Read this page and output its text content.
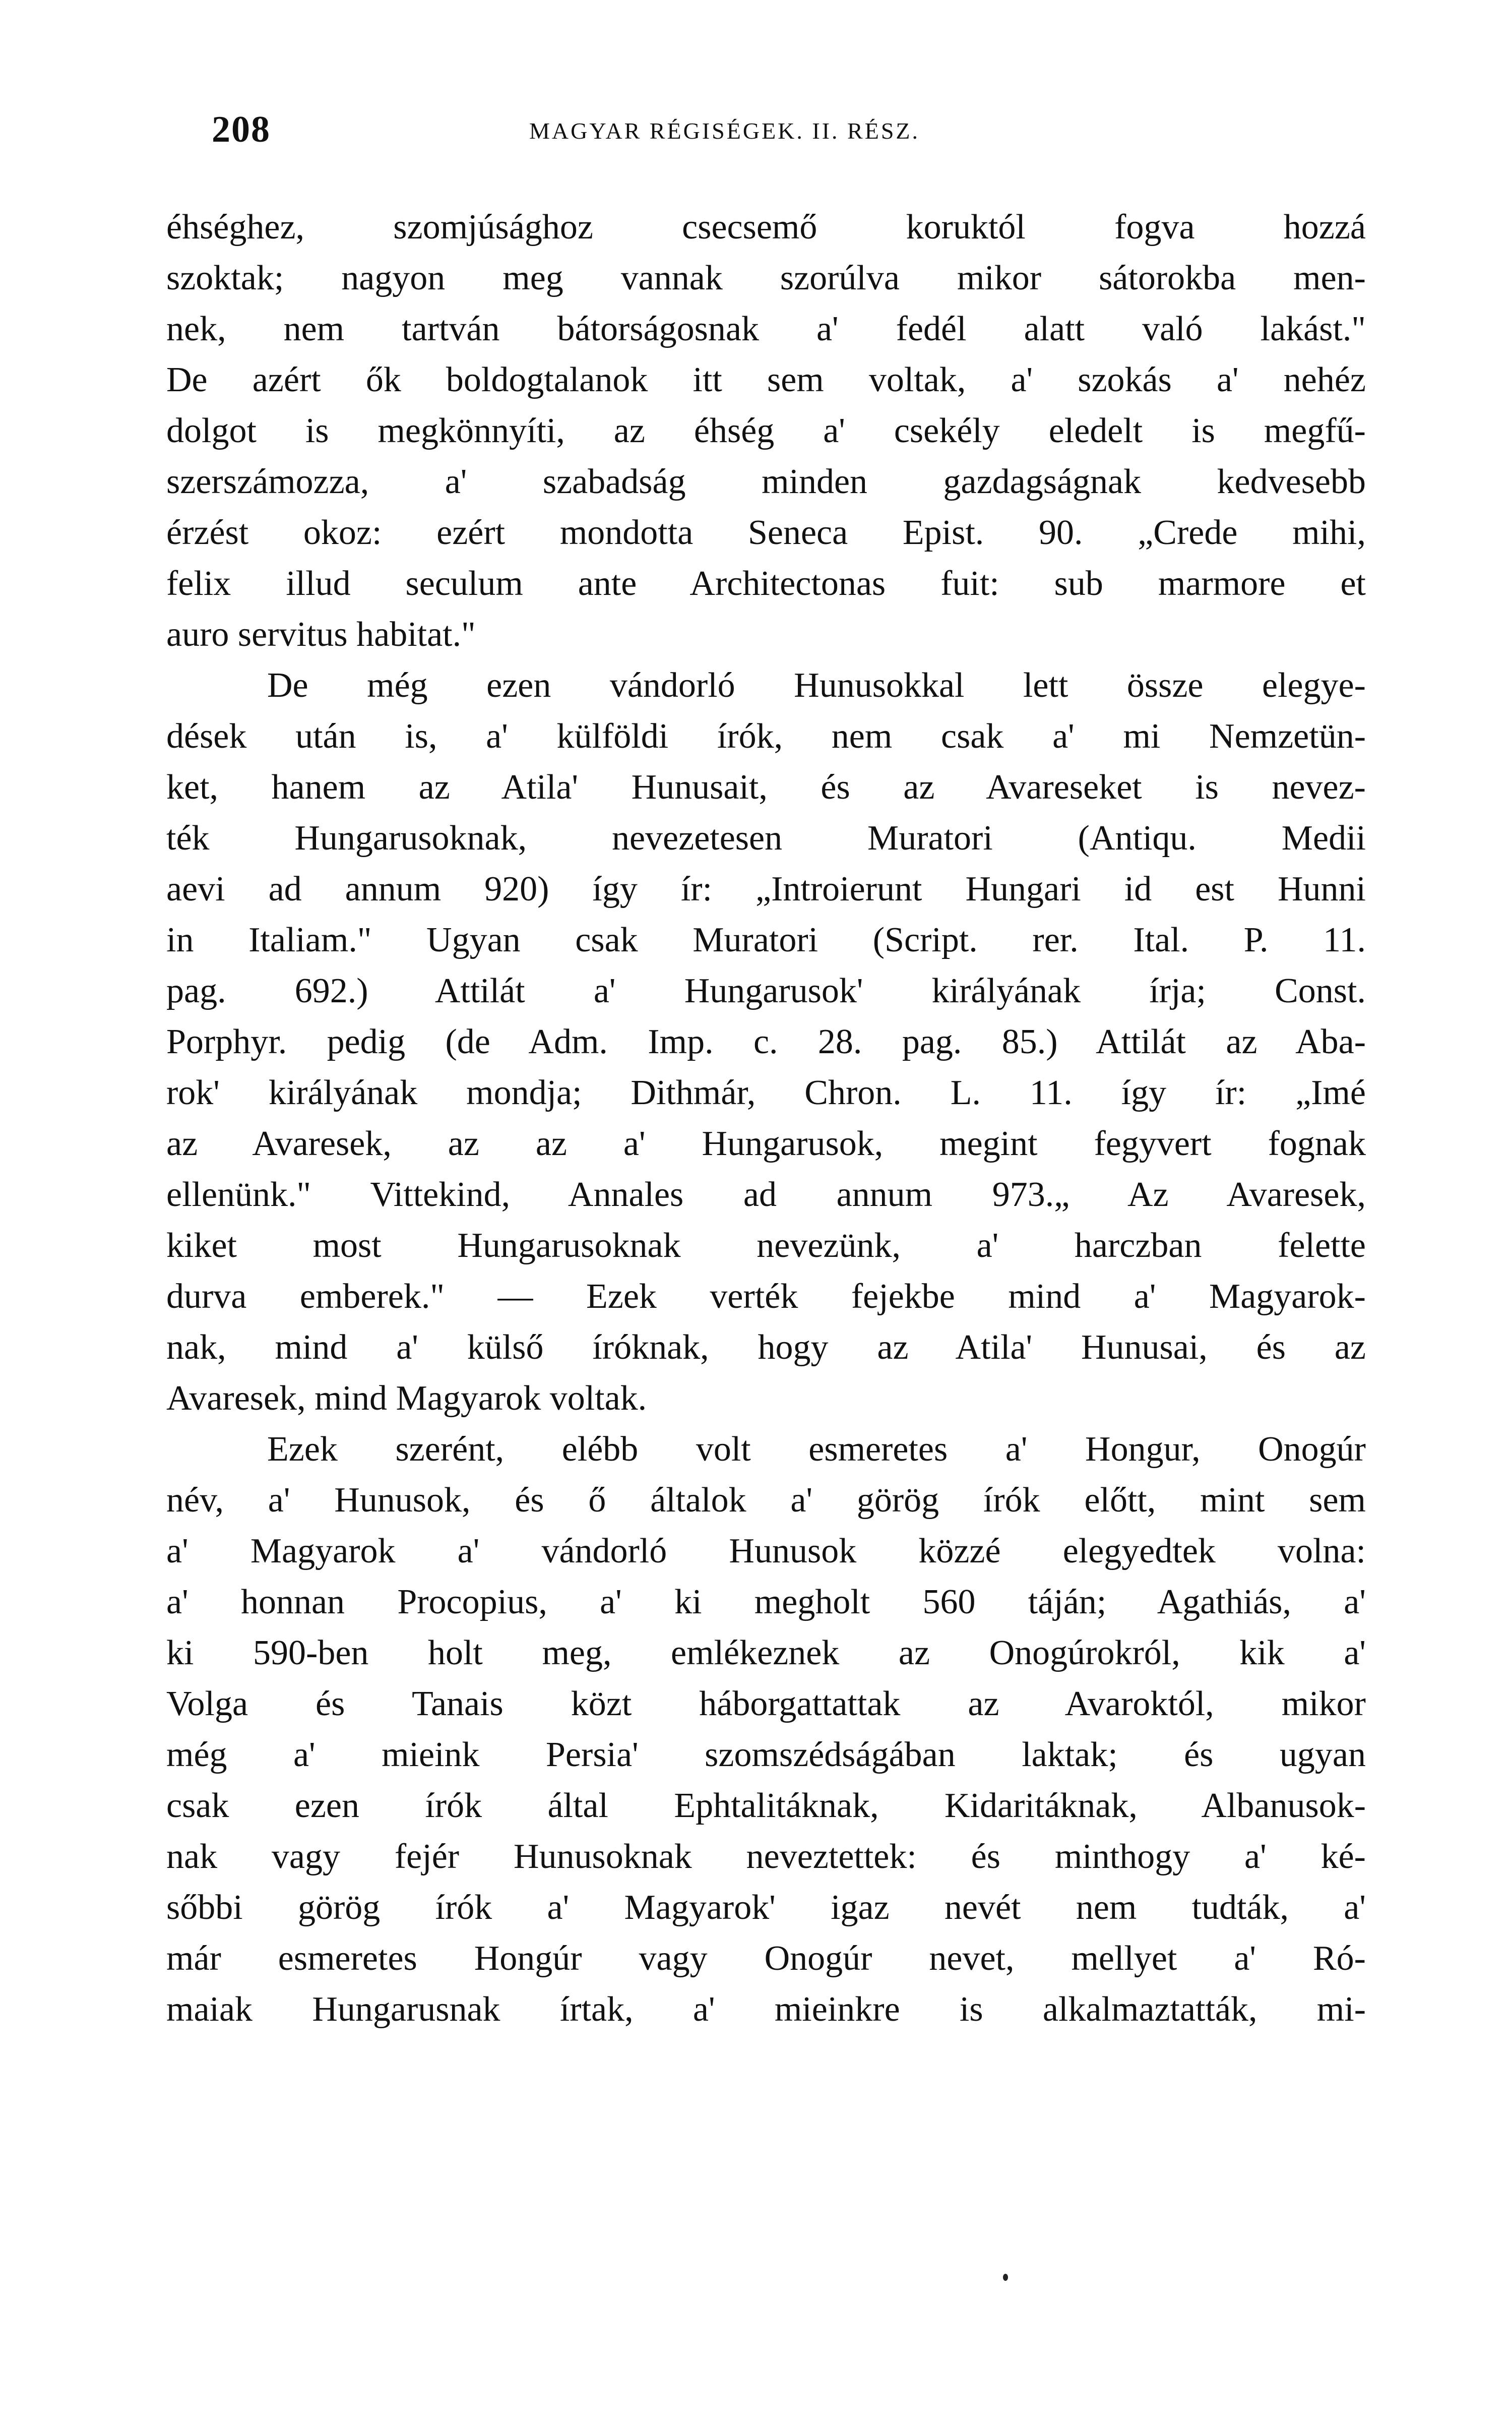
208	MAGYAR RÉGISÉGEK. II. RÉSZ.
éhséghez, szomjúsághoz csecsemő koruktól fogva hozzá
szoktak; nagyon meg vannak szorúlva mikor sátorokba men-
nek, nem tartván bátorságosnak a' fedél alatt való lakást."
De azért ők boldogtalanok itt sem voltak, a' szokás a' nehéz
dolgot is megkönnyíti, az éhség a' csekély eledelt is megfű-
szerszámozza, a' szabadság minden gazdagságnak kedvesebb
érzést okoz: ezért mondotta Seneca Epist. 90. „Crede mihi,
felix illud seculum ante Architectonas fuit: sub marmore et
auro servitus habitat."
De még ezen vándorló Hunusokkal lett össze elegye-
dések után is, a' külföldi írók, nem csak a' mi Nemzetün-
ket, hanem az Atila' Hunusait, és az Avareseket is nevez-
ték Hungarusoknak, nevezetesen Muratori (Antiqu. Medii
aevi ad annum 920) így ír: „Introierunt Hungari id est Hunni
in Italiam." Ugyan csak Muratori (Script. rer. Ital. P. 11.
pag. 692.) Attilát a' Hungarusok' királyának írja; Const.
Porphyr. pedig (de Adm. Imp. c. 28. pag. 85.) Attilát az Aba-
rok' királyának mondja; Dithmár, Chron. L. 11. így ír: „Imé
az Avaresek, az az a' Hungarusok, megint fegyvert fognak
ellenünk." Vittekind, Annales ad annum 973.„ Az Avaresek,
kiket most Hungarusoknak nevezünk, a' harczban felette
durva emberek." — Ezek verték fejekbe mind a' Magyarok-
nak, mind a' külső íróknak, hogy az Atila' Hunusai, és az
Avaresek, mind Magyarok voltak.
Ezek szerént, elébb volt esmeretes a' Hongur, Onogúr
név, a' Hunusok, és ő általok a' görög írók előtt, mint sem
a' Magyarok a' vándorló Hunusok közzé elegyedtek volna:
a' honnan Procopius, a' ki megholt 560 táján; Agathiás, a'
ki 590-ben holt meg, emlékeznek az Onogúrokról, kik a'
Volga és Tanais közt háborgattattak az Avaroktól, mikor
még a' mieink Persia' szomszédságában laktak; és ugyan
csak ezen írók által Ephtalitáknak, Kidaritáknak, Albanusok-
nak vagy fejér Hunusoknak neveztettek: és minthogy a' ké-
sőbbi görög írók a' Magyarok' igaz nevét nem tudták, a'
már esmeretes Hongúr vagy Onogúr nevet, mellyet a' Ró-
maiak Hungarusnak írtak, a' mieinkre is alkalmaztatták, mi-
